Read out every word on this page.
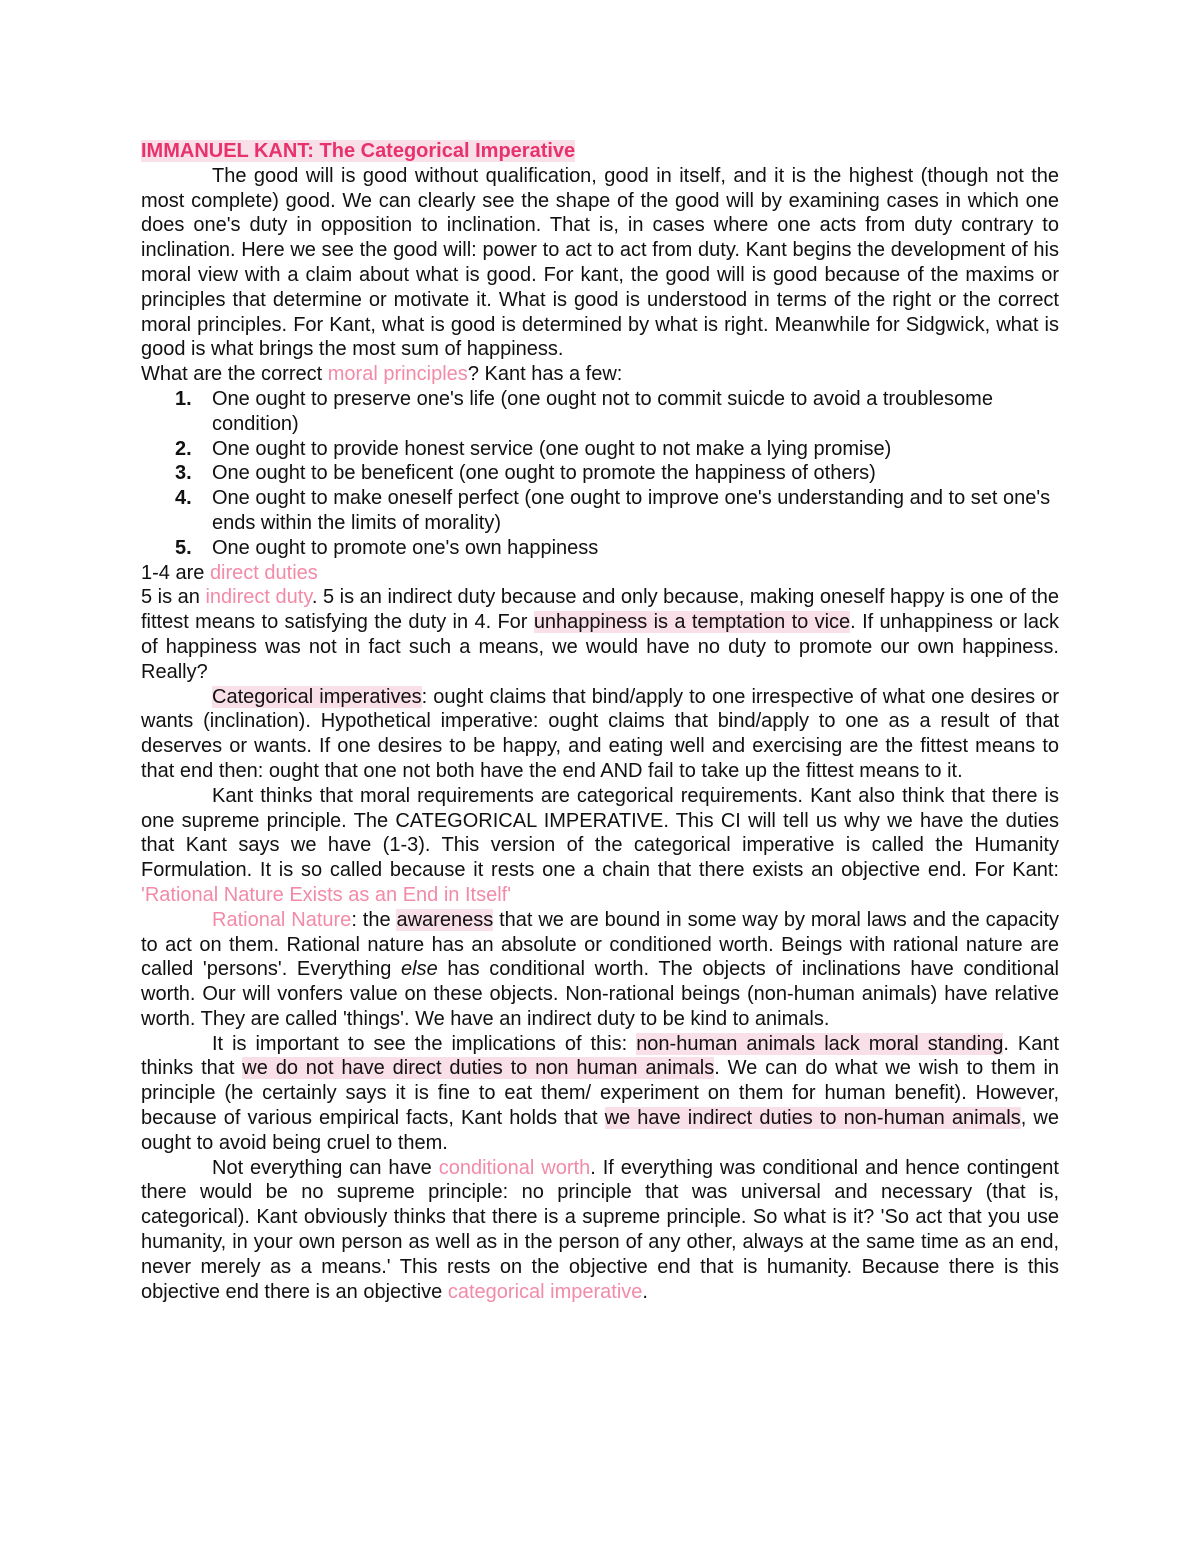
IMMANUEL KANT: The Categorical Imperative

The good will is good without qualification, good in itself, and it is the highest (though not the most complete) good. We can clearly see the shape of the good will by examining cases in which one does one's duty in opposition to inclination. That is, in cases where one acts from duty contrary to inclination. Here we see the good will: power to act to act from duty. Kant begins the development of his moral view with a claim about what is good. For kant, the good will is good because of the maxims or principles that determine or motivate it. What is good is understood in terms of the right or the correct moral principles. For Kant, what is good is determined by what is right. Meanwhile for Sidgwick, what is good is what brings the most sum of happiness.

What are the correct moral principles? Kant has a few:

1. One ought to preserve one's life (one ought not to commit suicde to avoid a troublesome condition)
2. One ought to provide honest service (one ought to not make a lying promise)
3. One ought to be beneficent (one ought to promote the happiness of others)
4. One ought to make oneself perfect (one ought to improve one's understanding and to set one's ends within the limits of morality)
5. One ought to promote one's own happiness

1-4 are direct duties

5 is an indirect duty. 5 is an indirect duty because and only because, making oneself happy is one of the fittest means to satisfying the duty in 4. For unhappiness is a temptation to vice. If unhappiness or lack of happiness was not in fact such a means, we would have no duty to promote our own happiness. Really?

Categorical imperatives: ought claims that bind/apply to one irrespective of what one desires or wants (inclination). Hypothetical imperative: ought claims that bind/apply to one as a result of that deserves or wants. If one desires to be happy, and eating well and exercising are the fittest means to that end then: ought that one not both have the end AND fail to take up the fittest means to it.

Kant thinks that moral requirements are categorical requirements. Kant also think that there is one supreme principle. The CATEGORICAL IMPERATIVE. This CI will tell us why we have the duties that Kant says we have (1-3). This version of the categorical imperative is called the Humanity Formulation. It is so called because it rests one a chain that there exists an objective end. For Kant: 'Rational Nature Exists as an End in Itself'

Rational Nature: the awareness that we are bound in some way by moral laws and the capacity to act on them. Rational nature has an absolute or conditioned worth. Beings with rational nature are called 'persons'. Everything else has conditional worth. The objects of inclinations have conditional worth. Our will vonfers value on these objects. Non-rational beings (non-human animals) have relative worth. They are called 'things'. We have an indirect duty to be kind to animals.

It is important to see the implications of this: non-human animals lack moral standing. Kant thinks that we do not have direct duties to non human animals. We can do what we wish to them in principle (he certainly says it is fine to eat them/ experiment on them for human benefit). However, because of various empirical facts, Kant holds that we have indirect duties to non-human animals, we ought to avoid being cruel to them.

Not everything can have conditional worth. If everything was conditional and hence contingent there would be no supreme principle: no principle that was universal and necessary (that is, categorical). Kant obviously thinks that there is a supreme principle. So what is it? 'So act that you use humanity, in your own person as well as in the person of any other, always at the same time as an end, never merely as a means.' This rests on the objective end that is humanity. Because there is this objective end there is an objective categorical imperative.
